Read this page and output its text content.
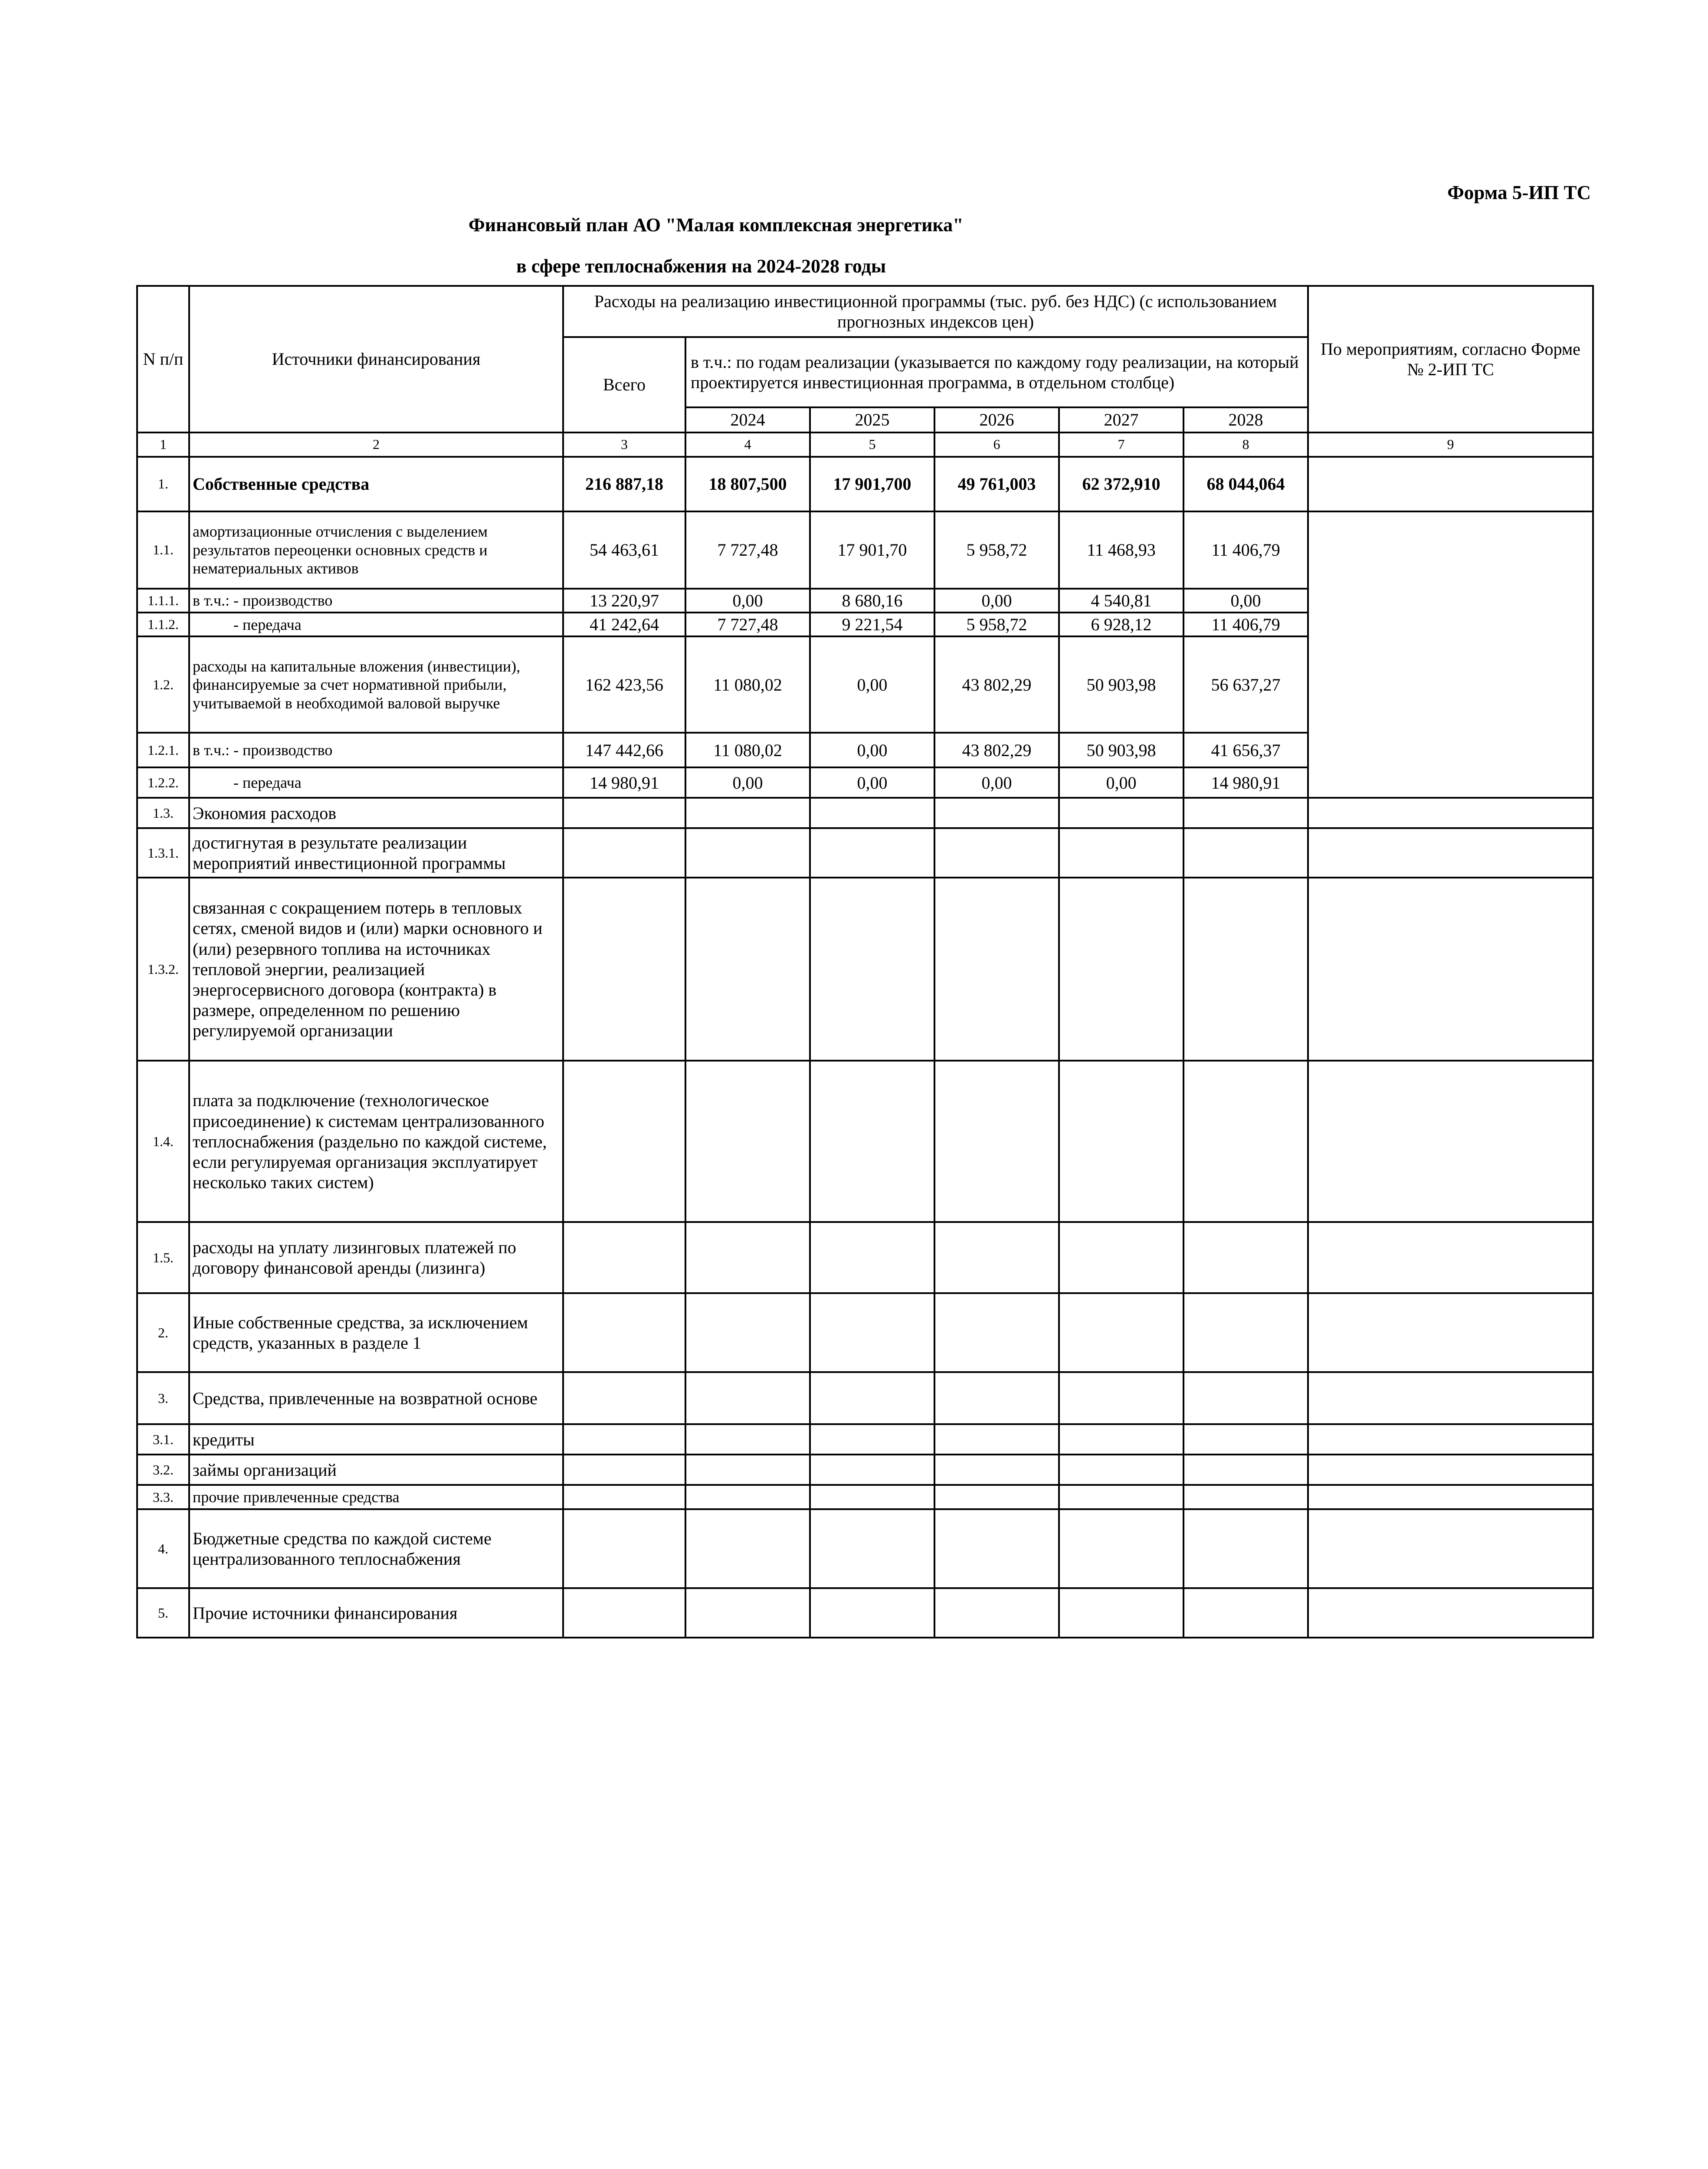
Форма 5-ИП ТС
Финансовый план АО "Малая комплексная энергетика"
в сфере теплоснабжения на 2024-2028 годы
N п/п	Источники финансирования	Расходы на реализацию инвестиционной программы (тыс. руб. без НДС) (с использованием прогнозных индексов цен)						По мероприятиям, согласно Форме № 2-ИП ТС
		Всего	в т.ч.: по годам реализации (указывается по каждому году реализации, на который проектируется инвестиционная программа, в отдельном столбце)					
			2024	2025	2026	2027	2028	
1	2	3	4	5	6	7	8	9
1.	Собственные средства	216 887,18	18 807,500	17 901,700	49 761,003	62 372,910	68 044,064	
1.1.	амортизационные отчисления с выделением результатов переоценки основных средств и нематериальных активов	54 463,61	7 727,48	17 901,70	5 958,72	11 468,93	11 406,79	
1.1.1.	в т.ч.: - производство	13 220,97	0,00	8 680,16	0,00	4 540,81	0,00	
1.1.2.	- передача	41 242,64	7 727,48	9 221,54	5 958,72	6 928,12	11 406,79	
1.2.	расходы на капитальные вложения (инвестиции), финансируемые за счет нормативной прибыли, учитываемой в необходимой валовой выручке	162 423,56	11 080,02	0,00	43 802,29	50 903,98	56 637,27	
1.2.1.	в т.ч.: - производство	147 442,66	11 080,02	0,00	43 802,29	50 903,98	41 656,37	
1.2.2.	- передача	14 980,91	0,00	0,00	0,00	0,00	14 980,91	
1.3.	Экономия расходов							
1.3.1.	достигнутая в результате реализации мероприятий инвестиционной программы							
1.3.2.	связанная с сокращением потерь в тепловых сетях, сменой видов и (или) марки основного и (или) резервного топлива на источниках тепловой энергии, реализацией энергосервисного договора (контракта) в размере, определенном по решению регулируемой организации							
1.4.	плата за подключение (технологическое присоединение) к системам централизованного теплоснабжения (раздельно по каждой системе, если регулируемая организация эксплуатирует несколько таких систем)							
1.5.	расходы на уплату лизинговых платежей по договору финансовой аренды (лизинга)							
2.	Иные собственные средства, за исключением средств, указанных в разделе 1							
3.	Средства, привлеченные на возвратной основе							
3.1.	кредиты							
3.2.	займы организаций							
3.3.	прочие привлеченные средства							
4.	Бюджетные средства по каждой системе централизованного теплоснабжения							
5.	Прочие источники финансирования							
